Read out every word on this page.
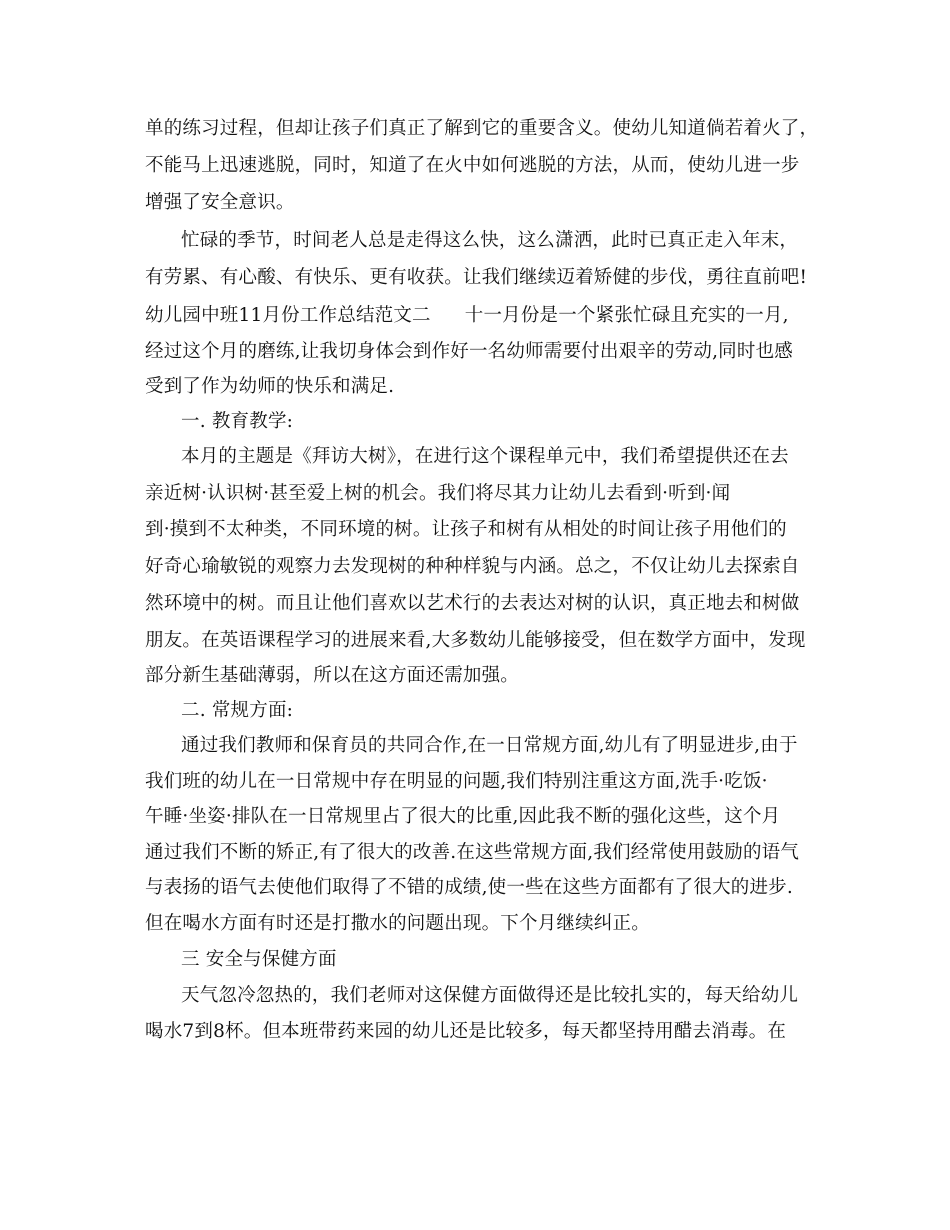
单的练习过程，但却让孩子们真正了解到它的重要含义。使幼儿知道倘若着火了，
不能马上迅速逃脱，同时，知道了在火中如何逃脱的方法，从而，使幼儿进一步
增强了安全意识。
忙碌的季节，时间老人总是走得这么快，这么潇洒，此时已真正走入年末，
有劳累、有心酸、有快乐、更有收获。让我们继续迈着矫健的步伐，勇往直前吧!
幼儿园中班11月份工作总结范文二 十一月份是一个紧张忙碌且充实的一月,
经过这个月的磨练,让我切身体会到作好一名幼师需要付出艰辛的劳动,同时也感
受到了作为幼师的快乐和满足.
一. 教育教学:
本月的主题是《拜访大树》，在进行这个课程单元中，我们希望提供还在去
亲近树·认识树·甚至爱上树的机会。我们将尽其力让幼儿去看到·听到·闻
到·摸到不太种类，不同环境的树。让孩子和树有从相处的时间让孩子用他们的
好奇心瑜敏锐的观察力去发现树的种种样貌与内涵。总之，不仅让幼儿去探索自
然环境中的树。而且让他们喜欢以艺术行的去表达对树的认识，真正地去和树做
朋友。在英语课程学习的进展来看,大多数幼儿能够接受，但在数学方面中，发现
部分新生基础薄弱，所以在这方面还需加强。
二. 常规方面:
通过我们教师和保育员的共同合作,在一日常规方面,幼儿有了明显进步,由于
我们班的幼儿在一日常规中存在明显的问题,我们特别注重这方面,洗手·吃饭·
午睡·坐姿·排队在一日常规里占了很大的比重,因此我不断的强化这些，这个月
通过我们不断的矫正,有了很大的改善.在这些常规方面,我们经常使用鼓励的语气
与表扬的语气去使他们取得了不错的成绩,使一些在这些方面都有了很大的进步.
但在喝水方面有时还是打撒水的问题出现。下个月继续纠正。
三 安全与保健方面
天气忽冷忽热的，我们老师对这保健方面做得还是比较扎实的，每天给幼儿
喝水7到8杯。但本班带药来园的幼儿还是比较多，每天都坚持用醋去消毒。在
